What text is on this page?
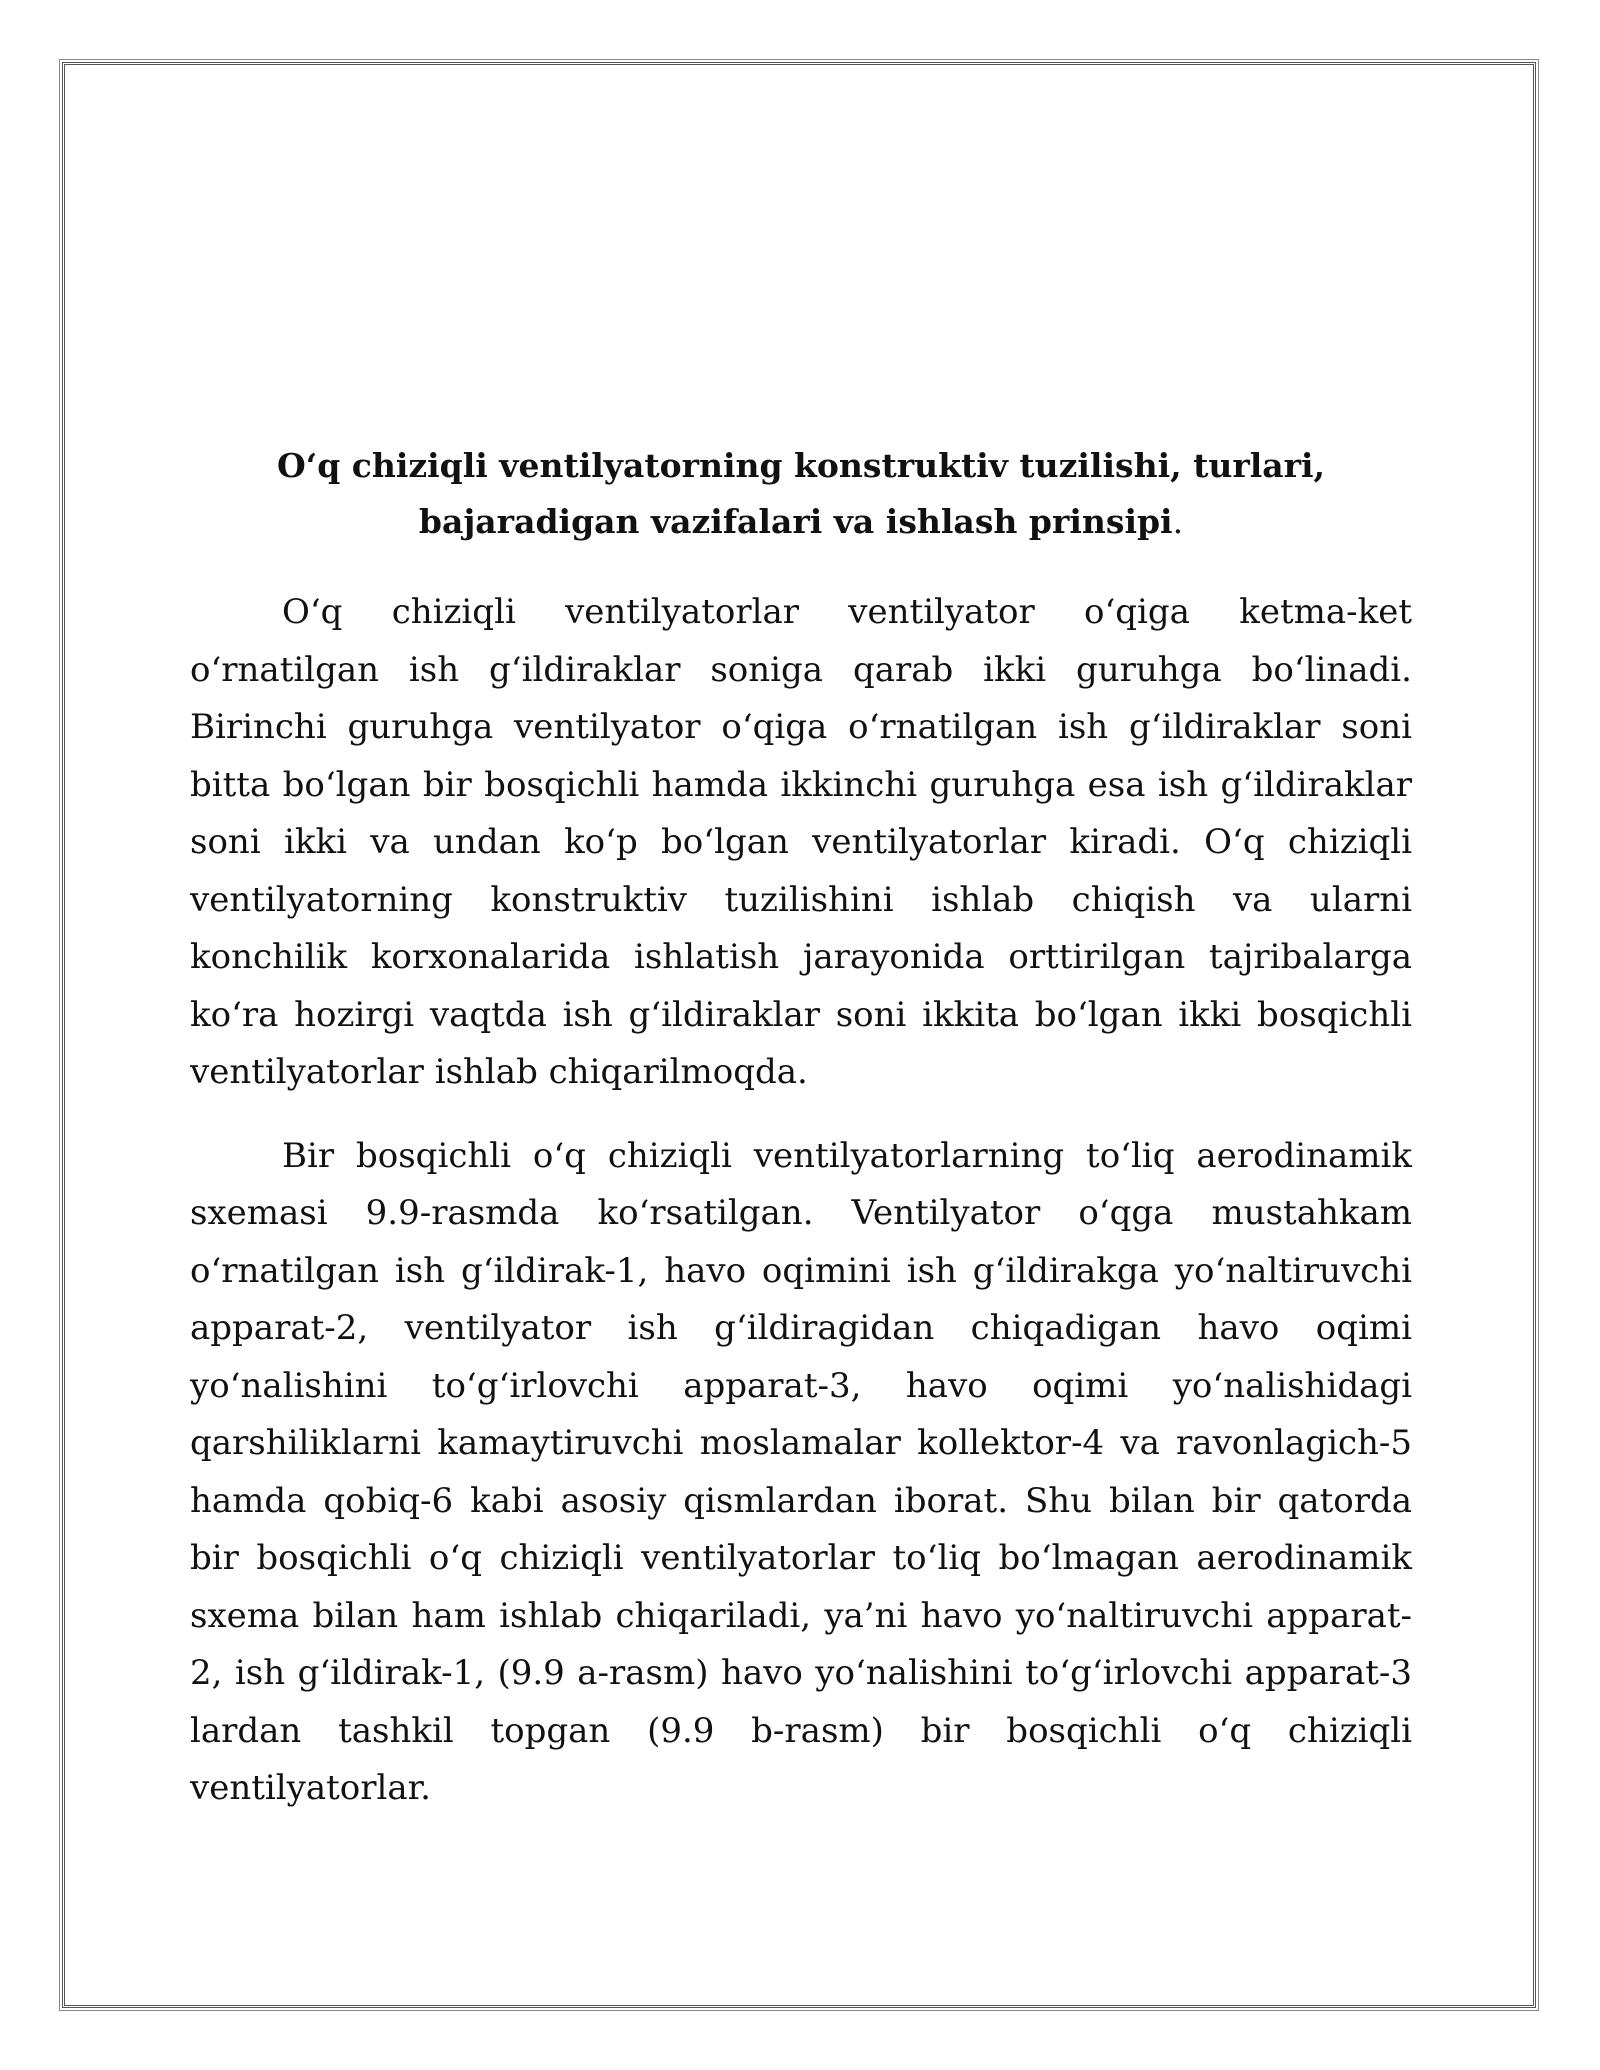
O‘q chiziqli ventilyatorning konstruktiv tuzilishi, turlari,
bajaradigan vazifalari va ishlash prinsipi.

O‘q chiziqli ventilyatorlar ventilyator o‘qiga ketma-ket o‘rnatilgan ish g‘ildiraklar soniga qarab ikki guruhga bo‘linadi. Birinchi guruhga ventilyator o‘qiga o‘rnatilgan ish g‘ildiraklar soni bitta bo‘lgan bir bosqichli hamda ikkinchi guruhga esa ish g‘ildiraklar soni ikki va undan ko‘p bo‘lgan ventilyatorlar kiradi. O‘q chiziqli ventilyatorning konstruktiv tuzilishini ishlab chiqish va ularni konchilik korxonalarida ishlatish jarayonida orttirilgan tajribalarga ko‘ra hozirgi vaqtda ish g‘ildiraklar soni ikkita bo‘lgan ikki bosqichli ventilyatorlar ishlab chiqarilmoqda.

Bir bosqichli o‘q chiziqli ventilyatorlarning to‘liq aerodinamik sxemasi 9.9-rasmda ko‘rsatilgan. Ventilyator o‘qga mustahkam o‘rnatilgan ish g‘ildirak-1, havo oqimini ish g‘ildirakga yo‘naltiruvchi apparat-2, ventilyator ish g‘ildiragidan chiqadigan havo oqimi yo‘nalishini to‘g‘irlovchi apparat-3, havo oqimi yo‘nalishidagi qarshiliklarni kamaytiruvchi moslamalar kollektor-4 va ravonlagich-5 hamda qobiq-6 kabi asosiy qismlardan iborat. Shu bilan bir qatorda bir bosqichli o‘q chiziqli ventilyatorlar to‘liq bo‘lmagan aerodinamik sxema bilan ham ishlab chiqariladi, ya’ni havo yo‘naltiruvchi apparat-2, ish g‘ildirak-1, (9.9 a-rasm) havo yo‘nalishini to‘g‘irlovchi apparat-3 lardan tashkil topgan (9.9 b-rasm) bir bosqichli o‘q chiziqli ventilyatorlar.
